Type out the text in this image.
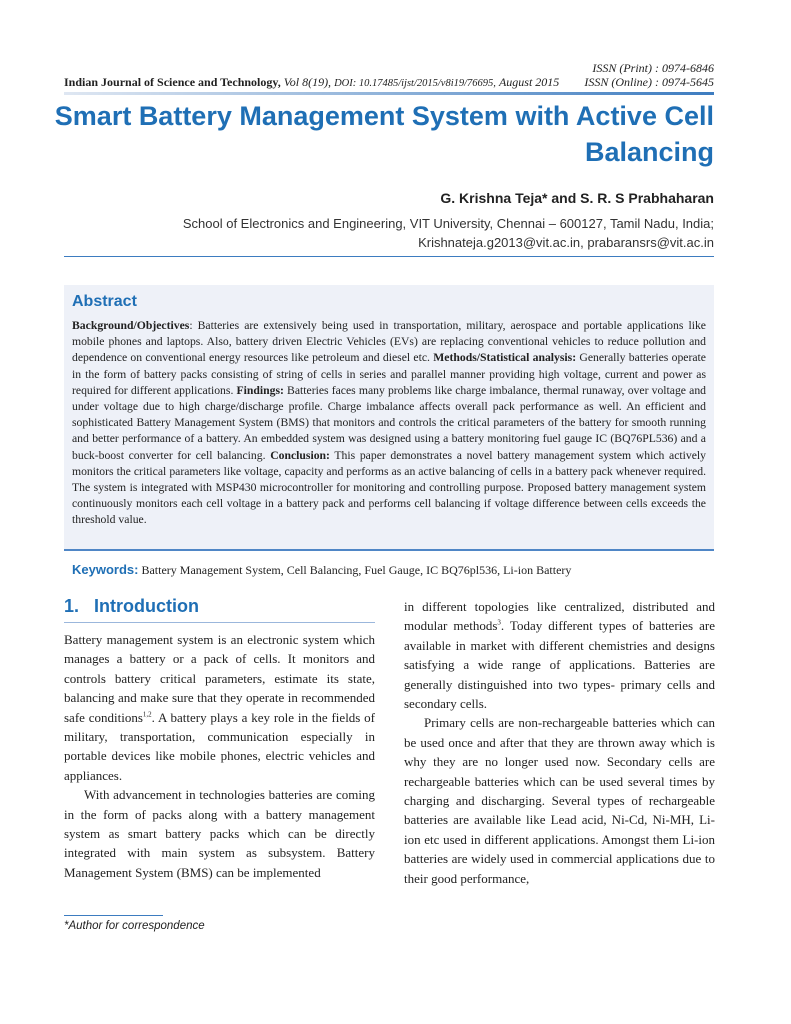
Indian Journal of Science and Technology, Vol 8(19), DOI: 10.17485/ijst/2015/v8i19/76695, August 2015
ISSN (Print) : 0974-6846
ISSN (Online) : 0974-5645
Smart Battery Management System with Active Cell Balancing
G. Krishna Teja* and S. R. S Prabhaharan
School of Electronics and Engineering, VIT University, Chennai – 600127, Tamil Nadu, India;
Krishnateja.g2013@vit.ac.in, prabaransrs@vit.ac.in
Abstract

Background/Objectives: Batteries are extensively being used in transportation, military, aerospace and portable applications like mobile phones and laptops. Also, battery driven Electric Vehicles (EVs) are replacing conventional vehicles to reduce pollution and dependence on conventional energy resources like petroleum and diesel etc. Methods/Statistical analysis: Generally batteries operate in the form of battery packs consisting of string of cells in series and parallel manner providing high voltage, current and power as required for different applications. Findings: Batteries faces many problems like charge imbalance, thermal runaway, over voltage and under voltage due to high charge/discharge profile. Charge imbalance affects overall pack performance as well. An efficient and sophisticated Battery Management System (BMS) that monitors and controls the critical parameters of the battery for smooth running and better performance of a battery. An embedded system was designed using a battery monitoring fuel gauge IC (BQ76PL536) and a buck-boost converter for cell balancing. Conclusion: This paper demonstrates a novel battery management system which actively monitors the critical parameters like voltage, capacity and performs as an active balancing of cells in a battery pack whenever required. The system is integrated with MSP430 microcontroller for monitoring and controlling purpose. Proposed battery management system continuously monitors each cell voltage in a battery pack and performs cell balancing if voltage difference between cells exceeds the threshold value.

Keywords: Battery Management System, Cell Balancing, Fuel Gauge, IC BQ76pl536, Li-ion Battery
1.   Introduction

Battery management system is an electronic system which manages a battery or a pack of cells. It monitors and controls battery critical parameters, estimate its state, balancing and make sure that they operate in recommended safe conditions$^{1,2}$. A battery plays a key role in the fields of military, transportation, communication especially in portable devices like mobile phones, electric vehicles and appliances.

With advancement in technologies batteries are coming in the form of packs along with a battery management system as smart battery packs which can be directly integrated with main system as subsystem. Battery Management System (BMS) can be implemented

in different topologies like centralized, distributed and modular methods$^3$. Today different types of batteries are available in market with different chemistries and designs satisfying a wide range of applications. Batteries are generally distinguished into two types- primary cells and secondary cells.

Primary cells are non-rechargeable batteries which can be used once and after that they are thrown away which is why they are no longer used now. Secondary cells are rechargeable batteries which can be used several times by charging and discharging. Several types of rechargeable batteries are available like Lead acid, Ni-Cd, Ni-MH, Li-ion etc used in different applications. Amongst them Li-ion batteries are widely used in commercial applications due to their good performance,

*Author for correspondence
